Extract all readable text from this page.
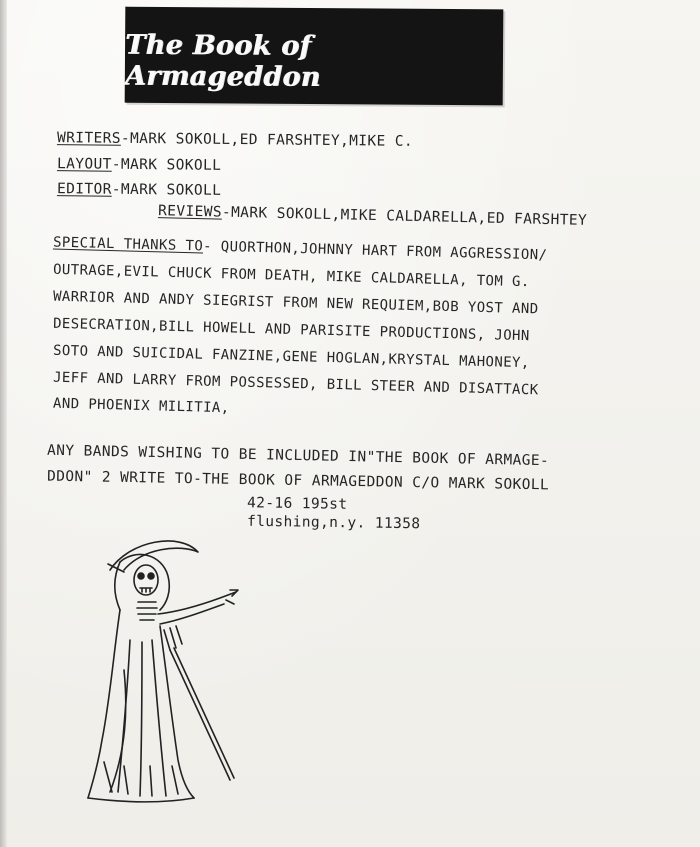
The Book of Armageddon
WRITERS-MARK SOKOLL,ED FARSHTEY,MIKE C.
LAYOUT-MARK SOKOLL
EDITOR-MARK SOKOLL
REVIEWS-MARK SOKOLL,MIKE CALDARELLA,ED FARSHTEY
SPECIAL THANKS TO- QUORTHON,JOHNNY HART FROM AGGRESSION/
OUTRAGE,EVIL CHUCK FROM DEATH, MIKE CALDARELLA, TOM G.
WARRIOR AND ANDY SIEGRIST FROM NEW REQUIEM,BOB YOST AND
DESECRATION,BILL HOWELL AND PARISITE PRODUCTIONS, JOHN
SOTO AND SUICIDAL FANZINE,GENE HOGLAN,KRYSTAL MAHONEY,
JEFF AND LARRY FROM POSSESSED, BILL STEER AND DISATTACK
AND PHOENIX MILITIA,
ANY BANDS WISHING TO BE INCLUDED IN"THE BOOK OF ARMAGE-
DDON" 2 WRITE TO-THE BOOK OF ARMAGEDDON C/O MARK SOKOLL
42-16 195st
flushing,n.y. 11358
